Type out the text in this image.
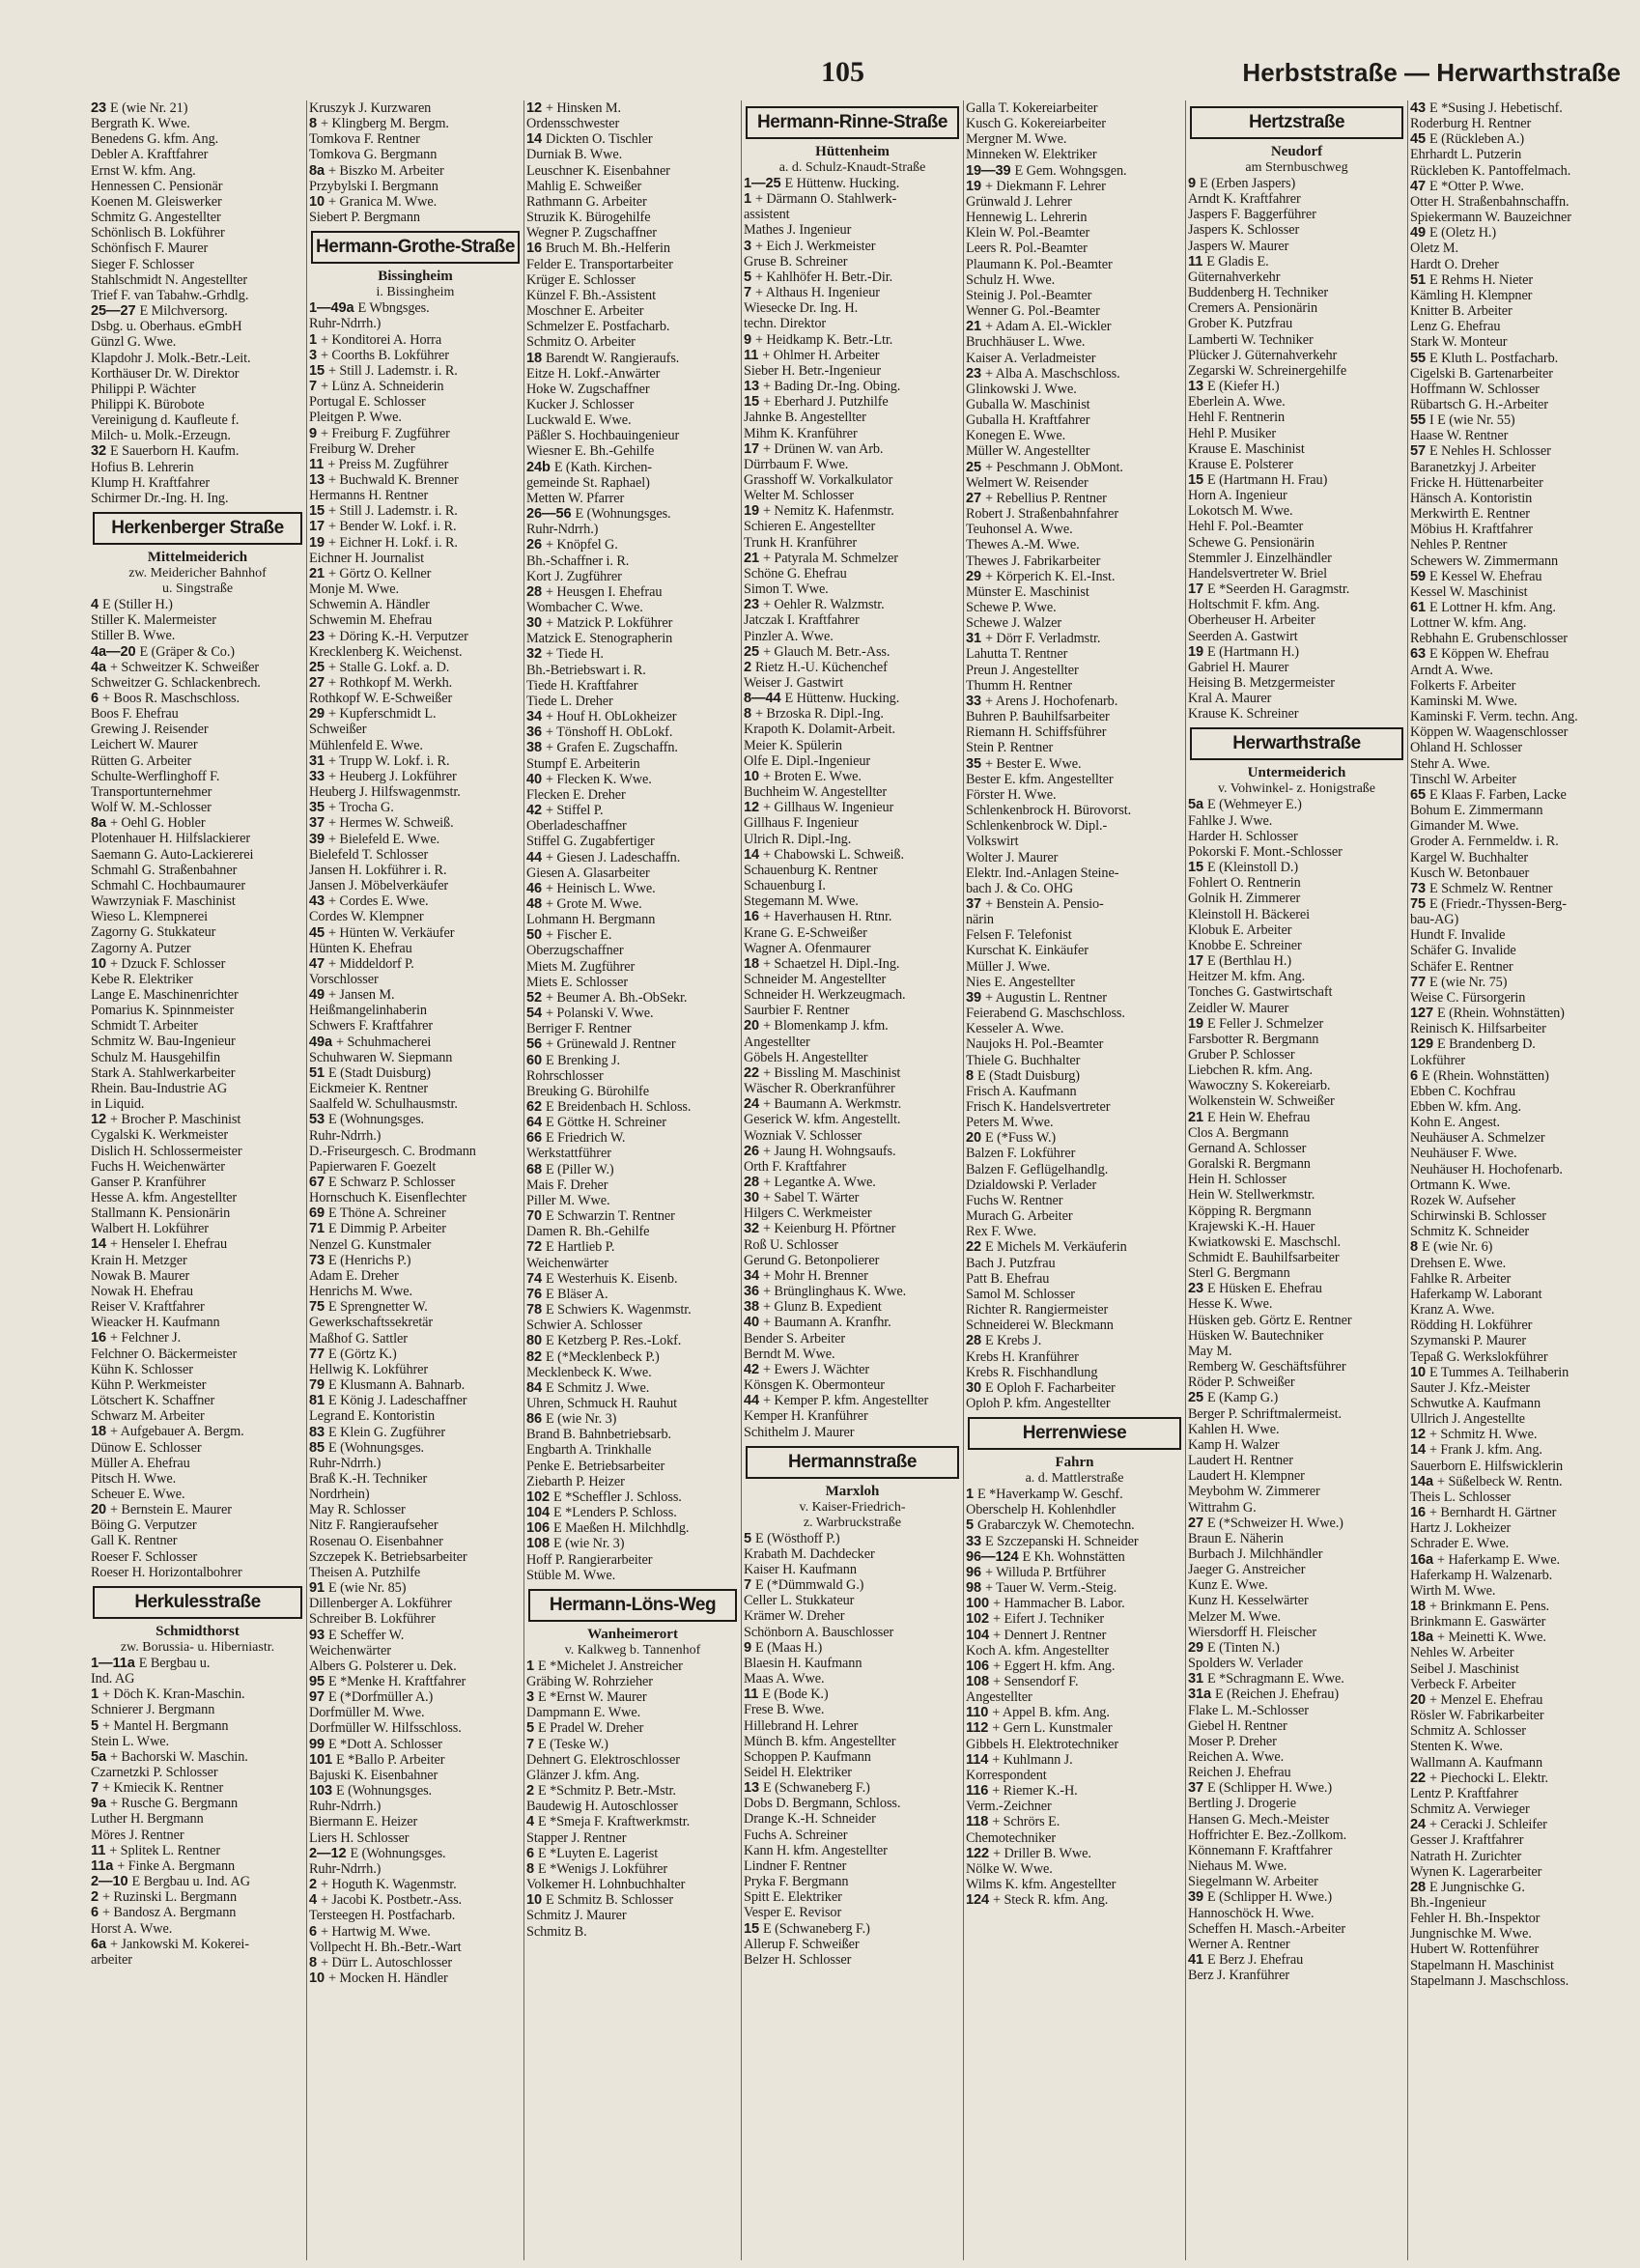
105	Herbststraße — Herwarthstraße
23 E (wie Nr. 21)
Bergrath K. Wwe.
Benedens G. kfm. Ang.
Debler A. Kraftfahrer
Ernst W. kfm. Ang.
Hennessen C. Pensionär
Koenen M. Gleiswerker
Schmitz G. Angestellter
Schönlisch B. Lokführer
Schönfisch F. Maurer
Sieger F. Schlosser
Stahlschmidt N. Angestellter
Trief F. van Tabahw.-Grhdlg.
25—27 E Milchversorg.
Dsbg. u. Oberhaus. eGmbH
Günzl G. Wwe.
Klapdohr J. Molk.-Betr.-Leit.
Korthäuser Dr. W. Direktor
Philippi P. Wächter
Philippi K. Bürobote
Vereinigung d. Kaufleute f.
Milch- u. Molk.-Erzeugn.
32 E Sauerborn H. Kaufm.
Hofius B. Lehrerin
Klump H. Kraftfahrer
Schirmer Dr.-Ing. H. Ing.
Herkenberger Straße
Mittelmeiderich
zw. Meidericher Bahnhof
u. Singstraße
4 E (Stiller H.)
Stiller K. Malermeister
Stiller B. Wwe.
4a—20 E (Gräper & Co.)
4a + Schweitzer K. Schweißer
Schweitzer G. Schlackenbrech.
6 + Boos R. Maschschloss.
Boos F. Ehefrau
Grewing J. Reisender
Leichert W. Maurer
Rütten G. Arbeiter
Schulte-Werflinghoff F.
Transportunternehmer
Wolf W. M.-Schlosser
8a + Oehl G. Hobler
Plotenhauer H. Hilfslackierer
Saemann G. Auto-Lackiererei
Schmahl G. Straßenbahner
Schmahl C. Hochbaumaurer
Wawrzyniak F. Maschinist
Wieso L. Klempnerei
Zagorny G. Stukkateur
Zagorny A. Putzer
10 + Dzuck F. Schlosser
Kebe R. Elektriker
Lange E. Maschinenrichter
Pomarius K. Spinnmeister
Schmidt T. Arbeiter
Schmitz W. Bau-Ingenieur
Schulz M. Hausgehilfin
Stark A. Stahlwerkarbeiter
Rhein. Bau-Industrie AG
in Liquid.
12 + Brocher P. Maschinist
Cygalski K. Werkmeister
Dislich H. Schlossermeister
Fuchs H. Weichenwärter
Ganser P. Kranführer
Hesse A. kfm. Angestellter
Stallmann K. Pensionärin
Walbert H. Lokführer
14 + Henseler I. Ehefrau
Krain H. Metzger
Nowak B. Maurer
Nowak H. Ehefrau
Reiser V. Kraftfahrer
Wieacker H. Kaufmann
16 + Felchner J.
Felchner O. Bäckermeister
Kühn K. Schlosser
Kühn P. Werkmeister
Lötschert K. Schaffner
Schwarz M. Arbeiter
18 + Aufgebauer A. Bergm.
Dünow E. Schlosser
Müller A. Ehefrau
Pitsch H. Wwe.
Scheuer E. Wwe.
20 + Bernstein E. Maurer
Böing G. Verputzer
Gall K. Rentner
Roeser F. Schlosser
Roeser H. Horizontalbohrer
Herkulesstraße
Schmidthorst
zw. Borussia- u. Hiberniastr.
1—11a E Bergbau u.
Ind. AG
1 + Döch K. Kran-Maschin.
Schnierer J. Bergmann
5 + Mantel H. Bergmann
Stein L. Wwe.
5a + Bachorski W. Maschin.
Czarnetzki P. Schlosser
7 + Kmiecik K. Rentner
9a + Rusche G. Bergmann
Luther H. Bergmann
Möres J. Rentner
11 + Splitek L. Rentner
11a + Finke A. Bergmann
2—10 E Bergbau u. Ind. AG
2 + Ruzinski L. Bergmann
6 + Bandosz A. Bergmann
Horst A. Wwe.
6a + Jankowski M. Kokerei-
arbeiter
Kruszyk J. Kurzwaren
8 + Klingberg M. Bergm.
Tomkova F. Rentner
Tomkova G. Bergmann
8a + Biszko M. Arbeiter
Przybylski I. Bergmann
10 + Granica M. Wwe.
Siebert P. Bergmann
Hermann-Grothe-Straße
Bissingheim
i. Bissingheim
1—49a E Wbngsges.
Ruhr-Ndrrh.)
1 + Konditorei A. Horra
3 + Coorths B. Lokführer
15 + Still J. Lademstr. i. R.
7 + Lünz A. Schneiderin
Portugal E. Schlosser
Pleitgen P. Wwe.
9 + Freiburg F. Zugführer
Freiburg W. Dreher
11 + Preiss M. Zugführer
13 + Buchwald K. Brenner
Hermanns H. Rentner
15 + Still J. Lademstr. i. R.
17 + Bender W. Lokf. i. R.
19 + Eichner H. Lokf. i. R.
Eichner H. Journalist
21 + Görtz O. Kellner
Monje M. Wwe.
Schwemin A. Händler
Schwemin M. Ehefrau
23 + Döring K.-H. Verputzer
Krecklenberg K. Weichenst.
25 + Stalle G. Lokf. a. D.
27 + Rothkopf M. Werkh.
Rothkopf W. E-Schweißer
29 + Kupferschmidt L.
Schweißer
Mühlenfeld E. Wwe.
31 + Trupp W. Lokf. i. R.
33 + Heuberg J. Lokführer
Heuberg J. Hilfswagenmstr.
35 + Trocha G.
37 + Hermes W. Schweiß.
39 + Bielefeld E. Wwe.
Bielefeld T. Schlosser
Jansen H. Lokführer i. R.
Jansen J. Möbelverkäufer
43 + Cordes E. Wwe.
Cordes W. Klempner
45 + Hünten W. Verkäufer
Hünten K. Ehefrau
47 + Middeldorf P.
Vorschlosser
49 + Jansen M.
Heißmangelinhaberin
Schwers F. Kraftfahrer
49a + Schuhmacherei
Schuhwaren W. Siepmann
51 E (Stadt Duisburg)
Eickmeier K. Rentner
Saalfeld W. Schulhausmstr.
53 E (Wohnungsges.
Ruhr-Ndrrh.)
D.-Friseurgesch. C. Brodmann
Papierwaren F. Goezelt
67 E Schwarz P. Schlosser
Hornschuch K. Eisenflechter
69 E Thöne A. Schreiner
71 E Dimmig P. Arbeiter
Nenzel G. Kunstmaler
73 E (Henrichs P.)
Adam E. Dreher
Henrichs M. Wwe.
75 E Sprengnetter W.
Gewerkschaftssekretär
Maßhof G. Sattler
77 E (Görtz K.)
Hellwig K. Lokführer
79 E Klusmann A. Bahnarb.
81 E König J. Ladeschaffner
Legrand E. Kontoristin
83 E Klein G. Zugführer
85 E (Wohnungsges.
Ruhr-Ndrrh.)
Braß K.-H. Techniker
Nordrhein)
May R. Schlosser
Nitz F. Rangieraufseher
Rosenau O. Eisenbahner
Szczepek K. Betriebsarbeiter
Theisen A. Putzhilfe
91 E (wie Nr. 85)
Dillenberger A. Lokführer
Schreiber B. Lokführer
93 E Scheffer W.
Weichenwärter
Albers G. Polsterer u. Dek.
95 E *Menke H. Kraftfahrer
97 E (*Dorfmüller A.)
Dorfmüller M. Wwe.
Dorfmüller W. Hilfsschloss.
99 E *Dott A. Schlosser
101 E *Ballo P. Arbeiter
Bajuski K. Eisenbahner
103 E (Wohnungsges.
Ruhr-Ndrrh.)
Biermann E. Heizer
Liers H. Schlosser
2—12 E (Wohnungsges.
Ruhr-Ndrrh.)
2 + Hoguth K. Wagenmstr.
4 + Jacobi K. Postbetr.-Ass.
Tersteegen H. Postfacharb.
6 + Hartwig M. Wwe.
Vollpecht H. Bh.-Betr.-Wart
8 + Dürr L. Autoschlosser
10 + Mocken H. Händler
12 + Hinsken M.
Ordensschwester
14 Dickten O. Tischler
Durniak B. Wwe.
Leuschner K. Eisenbahner
Mahlig E. Schweißer
Rathmann G. Arbeiter
Struzik K. Bürogehilfe
Wegner P. Zugschaffner
16 Bruch M. Bh.-Helferin
Felder E. Transportarbeiter
Krüger E. Schlosser
Künzel F. Bh.-Assistent
Moschner E. Arbeiter
Schmelzer E. Postfacharb.
Schmitz O. Arbeiter
18 Barendt W. Rangieraufs.
Eitze H. Lokf.-Anwärter
Hoke W. Zugschaffner
Kucker J. Schlosser
Luckwald E. Wwe.
Päßler S. Hochbauingenieur
Wiesner E. Bh.-Gehilfe
24b E (Kath. Kirchen-
gemeinde St. Raphael)
Metten W. Pfarrer
26—56 E (Wohnungsges.
Ruhr-Ndrrh.)
26 + Knöpfel G.
Bh.-Schaffner i. R.
Kort J. Zugführer
28 + Heusgen I. Ehefrau
Wombacher C. Wwe.
30 + Matzick P. Lokführer
Matzick E. Stenographerin
32 + Tiede H.
Bh.-Betriebswart i. R.
Tiede H. Kraftfahrer
Tiede L. Dreher
34 + Houf H. ObLokheizer
36 + Tönshoff H. ObLokf.
38 + Grafen E. Zugschaffn.
Stumpf E. Arbeiterin
40 + Flecken K. Wwe.
Flecken E. Dreher
42 + Stiffel P.
Oberladeschaffner
Stiffel G. Zugabfertiger
44 + Giesen J. Ladeschaffn.
Giesen A. Glasarbeiter
46 + Heinisch L. Wwe.
48 + Grote M. Wwe.
Lohmann H. Bergmann
50 + Fischer E.
Oberzugschaffner
Miets M. Zugführer
Miets E. Schlosser
52 + Beumer A. Bh.-ObSekr.
54 + Polanski V. Wwe.
Berriger F. Rentner
56 + Grünewald J. Rentner
60 E Brenking J.
Rohrschlosser
Breuking G. Bürohilfe
62 E Breidenbach H. Schloss.
64 E Göttke H. Schreiner
66 E Friedrich W.
Werkstattführer
68 E (Piller W.)
Mais F. Dreher
Piller M. Wwe.
70 E Schwarzin T. Rentner
Damen R. Bh.-Gehilfe
72 E Hartlieb P.
Weichenwärter
74 E Westerhuis K. Eisenb.
76 E Bläser A.
78 E Schwiers K. Wagenmstr.
Schwier A. Schlosser
80 E Ketzberg P. Res.-Lokf.
82 E (*Mecklenbeck P.)
Mecklenbeck K. Wwe.
84 E Schmitz J. Wwe.
Uhren, Schmuck H. Rauhut
86 E (wie Nr. 3)
Brand B. Bahnbetriebsarb.
Engbarth A. Trinkhalle
Penke E. Betriebsarbeiter
Ziebarth P. Heizer
102 E *Scheffler J. Schloss.
104 E *Lenders P. Schloss.
106 E Maeßen H. Milchhdlg.
108 E (wie Nr. 3)
Hoff P. Rangierarbeiter
Stüble M. Wwe.
Hermann-Löns-Weg
Wanheimerort
v. Kalkweg b. Tannenhof
1 E *Michelet J. Anstreicher
Gräbing W. Rohrzieher
3 E *Ernst W. Maurer
Dampmann E. Wwe.
5 E Pradel W. Dreher
7 E (Teske W.)
Dehnert G. Elektroschlosser
Glänzer J. kfm. Ang.
2 E *Schmitz P. Betr.-Mstr.
Baudewig H. Autoschlosser
4 E *Smeja F. Kraftwerkmstr.
Stapper J. Rentner
6 E *Luyten E. Lagerist
8 E *Wenigs J. Lokführer
Volkemer H. Lohnbuchhalter
10 E Schmitz B. Schlosser
Schmitz J. Maurer
Schmitz B.
Hermann-Rinne-Straße
Hüttenheim
a. d. Schulz-Knaudt-Straße
1—25 E Hüttenw. Hucking.
1 + Därmann O. Stahlwerk-
assistent
Mathes J. Ingenieur
3 + Eich J. Werkmeister
Gruse B. Schreiner
5 + Kahlhöfer H. Betr.-Dir.
7 + Althaus H. Ingenieur
Wiesecke Dr. Ing. H.
techn. Direktor
9 + Heidkamp K. Betr.-Ltr.
11 + Ohlmer H. Arbeiter
Sieber H. Betr.-Ingenieur
13 + Bading Dr.-Ing. Obing.
15 + Eberhard J. Putzhilfe
Jahnke B. Angestellter
Mihm K. Kranführer
17 + Drünen W. van Arb.
Dürrbaum F. Wwe.
Grasshoff W. Vorkalkulator
Welter M. Schlosser
19 + Nemitz K. Hafenmstr.
Schieren E. Angestellter
Trunk H. Kranführer
21 + Patyrala M. Schmelzer
Schöne G. Ehefrau
Simon T. Wwe.
23 + Oehler R. Walzmstr.
Jatczak I. Kraftfahrer
Pinzler A. Wwe.
25 + Glauch M. Betr.-Ass.
2 Rietz H.-U. Küchenchef
Weiser J. Gastwirt
8—44 E Hüttenw. Hucking.
8 + Brzoska R. Dipl.-Ing.
Krapoth K. Dolamit-Arbeit.
Meier K. Spülerin
Olfe E. Dipl.-Ingenieur
10 + Broten E. Wwe.
Buchheim W. Angestellter
12 + Gillhaus W. Ingenieur
Gillhaus F. Ingenieur
Ulrich R. Dipl.-Ing.
14 + Chabowski L. Schweiß.
Schauenburg K. Rentner
Schauenburg I.
Stegemann M. Wwe.
16 + Haverhausen H. Rtnr.
Krane G. E-Schweißer
Wagner A. Ofenmaurer
18 + Schaetzel H. Dipl.-Ing.
Schneider M. Angestellter
Schneider H. Werkzeugmach.
Saurbier F. Rentner
20 + Blomenkamp J. kfm.
Angestellter
Göbels H. Angestellter
22 + Bissling M. Maschinist
Wäscher R. Oberkranführer
24 + Baumann A. Werkmstr.
Geserick W. kfm. Angestellt.
Wozniak V. Schlosser
26 + Jaung H. Wohngsaufs.
Orth F. Kraftfahrer
28 + Legantke A. Wwe.
30 + Sabel T. Wärter
Hilgers C. Werkmeister
32 + Keienburg H. Pförtner
Roß U. Schlosser
Gerund G. Betonpolierer
34 + Mohr H. Brenner
36 + Brünglinghaus K. Wwe.
38 + Glunz B. Expedient
40 + Baumann A. Kranfhr.
Bender S. Arbeiter
Berndt M. Wwe.
42 + Ewers J. Wächter
Könsgen K. Obermonteur
44 + Kemper P. kfm. Angestellter
Kemper H. Kranführer
Schithelm J. Maurer
Hermannstraße
Marxloh
v. Kaiser-Friedrich-
z. Warbruckstraße
5 E (Wösthoff P.)
Krabath M. Dachdecker
Kaiser H. Kaufmann
7 E (*Dümmwald G.)
Celler L. Stukkateur
Krämer W. Dreher
Schönborn A. Bauschlosser
9 E (Maas H.)
Blaesin H. Kaufmann
Maas A. Wwe.
11 E (Bode K.)
Frese B. Wwe.
Hillebrand H. Lehrer
Münch B. kfm. Angestellter
Schoppen P. Kaufmann
Seidel H. Elektriker
13 E (Schwaneberg F.)
Dobs D. Bergmann, Schloss.
Drange K.-H. Schneider
Fuchs A. Schreiner
Kann H. kfm. Angestellter
Lindner F. Rentner
Pryka F. Bergmann
Spitt E. Elektriker
Vesper E. Revisor
15 E (Schwaneberg F.)
Allerup F. Schweißer
Belzer H. Schlosser
Galla T. Kokereiarbeiter
Kusch G. Kokereiarbeiter
Mergner M. Wwe.
Minneken W. Elektriker
19—39 E Gem. Wohngsgen.
19 + Diekmann F. Lehrer
Grünwald J. Lehrer
Hennewig L. Lehrerin
Klein W. Pol.-Beamter
Leers R. Pol.-Beamter
Plaumann K. Pol.-Beamter
Schulz H. Wwe.
Steinig J. Pol.-Beamter
Wenner G. Pol.-Beamter
21 + Adam A. El.-Wickler
Bruchhäuser L. Wwe.
Kaiser A. Verladmeister
23 + Alba A. Maschschloss.
Glinkowski J. Wwe.
Guballa W. Maschinist
Guballa H. Kraftfahrer
Konegen E. Wwe.
Müller W. Angestellter
25 + Peschmann J. ObMont.
Welmert W. Reisender
27 + Rebellius P. Rentner
Robert J. Straßenbahnfahrer
Teuhonsel A. Wwe.
Thewes A.-M. Wwe.
Thewes J. Fabrikarbeiter
29 + Körperich K. El.-Inst.
Münster E. Maschinist
Schewe P. Wwe.
Schewe J. Walzer
31 + Dörr F. Verladmstr.
Lahutta T. Rentner
Preun J. Angestellter
Thumm H. Rentner
33 + Arens J. Hochofenarb.
Buhren P. Bauhilfsarbeiter
Riemann H. Schiffsführer
Stein P. Rentner
35 + Bester E. Wwe.
Bester E. kfm. Angestellter
Förster H. Wwe.
Schlenkenbrock H. Bürovorst.
Schlenkenbrock W. Dipl.-
Volkswirt
Wolter J. Maurer
Elektr. Ind.-Anlagen Steine-
bach J. & Co. OHG
37 + Benstein A. Pensio-
närin
Felsen F. Telefonist
Kurschat K. Einkäufer
Müller J. Wwe.
Nies E. Angestellter
39 + Augustin L. Rentner
Feierabend G. Maschschloss.
Kesseler A. Wwe.
Naujoks H. Pol.-Beamter
Thiele G. Buchhalter
8 E (Stadt Duisburg)
Frisch A. Kaufmann
Frisch K. Handelsvertreter
Peters M. Wwe.
20 E (*Fuss W.)
Balzen F. Lokführer
Balzen F. Geflügelhandlg.
Dzialdowski P. Verlader
Fuchs W. Rentner
Murach G. Arbeiter
Rex F. Wwe.
22 E Michels M. Verkäuferin
Bach J. Putzfrau
Patt B. Ehefrau
Samol M. Schlosser
Richter R. Rangiermeister
Schneiderei W. Bleckmann
28 E Krebs J.
Krebs H. Kranführer
Krebs R. Fischhandlung
30 E Oploh F. Facharbeiter
Oploh P. kfm. Angestellter
Herrenwiese
Fahrn
a. d. Mattlerstraße
1 E *Haverkamp W. Geschf.
Oberschelp H. Kohlenhdler
5 Grabarczyk W. Chemotechn.
33 E Szczepanski H. Schneider
96—124 E Kh. Wohnstätten
96 + Willuda P. Brtführer
98 + Tauer W. Verm.-Steig.
100 + Hammacher B. Labor.
102 + Eifert J. Techniker
104 + Dennert J. Rentner
Koch A. kfm. Angestellter
106 + Eggert H. kfm. Ang.
108 + Sensendorf F.
Angestellter
110 + Appel B. kfm. Ang.
112 + Gern L. Kunstmaler
Gibbels H. Elektrotechniker
114 + Kuhlmann J.
Korrespondent
116 + Riemer K.-H.
Verm.-Zeichner
118 + Schrörs E.
Chemotechniker
122 + Driller B. Wwe.
Nölke W. Wwe.
Wilms K. kfm. Angestellter
124 + Steck R. kfm. Ang.
Hertzstraße
Neudorf
am Sternbuschweg
9 E (Erben Jaspers)
Arndt K. Kraftfahrer
Jaspers F. Baggerführer
Jaspers K. Schlosser
Jaspers W. Maurer
11 E Gladis E.
Güternahverkehr
Buddenberg H. Techniker
Cremers A. Pensionärin
Grober K. Putzfrau
Lamberti W. Techniker
Plücker J. Güternahverkehr
Zegarski W. Schreinergehilfe
13 E (Kiefer H.)
Eberlein A. Wwe.
Hehl F. Rentnerin
Hehl P. Musiker
Krause E. Maschinist
Krause E. Polsterer
15 E (Hartmann H. Frau)
Horn A. Ingenieur
Lokotsch M. Wwe.
Hehl F. Pol.-Beamter
Schewe G. Pensionärin
Stemmler J. Einzelhändler
Handelsvertreter W. Briel
17 E *Seerden H. Garagmstr.
Holtschmit F. kfm. Ang.
Oberheuser H. Arbeiter
Seerden A. Gastwirt
19 E (Hartmann H.)
Gabriel H. Maurer
Heising B. Metzgermeister
Kral A. Maurer
Krause K. Schreiner
Herwarthstraße
Untermeiderich
v. Vohwinkel- z. Honigstraße
5a E (Wehmeyer E.)
Fahlke J. Wwe.
Harder H. Schlosser
Pokorski F. Mont.-Schlosser
15 E (Kleinstoll D.)
Fohlert O. Rentnerin
Golnik H. Zimmerer
Kleinstoll H. Bäckerei
Klobuk E. Arbeiter
Knobbe E. Schreiner
17 E (Berthlau H.)
Heitzer M. kfm. Ang.
Tonches G. Gastwirtschaft
Zeidler W. Maurer
19 E Feller J. Schmelzer
Farsbotter R. Bergmann
Gruber P. Schlosser
Liebchen R. kfm. Ang.
Wawoczny S. Kokereiarb.
Wolkenstein W. Schweißer
21 E Hein W. Ehefrau
Clos A. Bergmann
Gernand A. Schlosser
Goralski R. Bergmann
Hein H. Schlosser
Hein W. Stellwerkmstr.
Köpping R. Bergmann
Krajewski K.-H. Hauer
Kwiatkowski E. Maschschl.
Schmidt E. Bauhilfsarbeiter
Sterl G. Bergmann
23 E Hüsken E. Ehefrau
Hesse K. Wwe.
Hüsken geb. Görtz E. Rentner
Hüsken W. Bautechniker
May M.
Remberg W. Geschäftsführer
Röder P. Schweißer
25 E (Kamp G.)
Berger P. Schriftmalermeist.
Kahlen H. Wwe.
Kamp H. Walzer
Laudert H. Rentner
Laudert H. Klempner
Meybohm W. Zimmerer
Wittrahm G.
27 E (*Schweizer H. Wwe.)
Braun E. Näherin
Burbach J. Milchhändler
Jaeger G. Anstreicher
Kunz E. Wwe.
Kunz H. Kesselwärter
Melzer M. Wwe.
Wiersdorff H. Fleischer
29 E (Tinten N.)
Spolders W. Verlader
31 E *Schragmann E. Wwe.
31a E (Reichen J. Ehefrau)
Flake L. M.-Schlosser
Giebel H. Rentner
Moser P. Dreher
Reichen A. Wwe.
Reichen J. Ehefrau
37 E (Schlipper H. Wwe.)
Bertling J. Drogerie
Hansen G. Mech.-Meister
Hoffrichter E. Bez.-Zollkom.
Könnemann F. Kraftfahrer
Niehaus M. Wwe.
Siegelmann W. Arbeiter
39 E (Schlipper H. Wwe.)
Hannoschöck H. Wwe.
Scheffen H. Masch.-Arbeiter
Werner A. Rentner
41 E Berz J. Ehefrau
Berz J. Kranführer
43 E *Susing J. Hebetischf.
Roderburg H. Rentner
45 E (Rückleben A.)
Ehrhardt L. Putzerin
Rückleben K. Pantoffelmach.
47 E *Otter P. Wwe.
Otter H. Straßenbahnschaffn.
Spiekermann W. Bauzeichner
49 E (Oletz H.)
Oletz M.
Hardt O. Dreher
51 E Rehms H. Nieter
Kämling H. Klempner
Knitter B. Arbeiter
Lenz G. Ehefrau
Stark W. Monteur
55 E Kluth L. Postfacharb.
Cigelski B. Gartenarbeiter
Hoffmann W. Schlosser
Rübartsch G. H.-Arbeiter
55 I E (wie Nr. 55)
Haase W. Rentner
57 E Nehles H. Schlosser
Baranetzkyj J. Arbeiter
Fricke H. Hüttenarbeiter
Hänsch A. Kontoristin
Merkwirth E. Rentner
Möbius H. Kraftfahrer
Nehles P. Rentner
Schewers W. Zimmermann
59 E Kessel W. Ehefrau
Kessel W. Maschinist
61 E Lottner H. kfm. Ang.
Lottner W. kfm. Ang.
Rebhahn E. Grubenschlosser
63 E Köppen W. Ehefrau
Arndt A. Wwe.
Folkerts F. Arbeiter
Kaminski M. Wwe.
Kaminski F. Verm. techn. Ang.
Köppen W. Waagenschlosser
Ohland H. Schlosser
Stehr A. Wwe.
Tinschl W. Arbeiter
65 E Klaas F. Farben, Lacke
Bohum E. Zimmermann
Gimander M. Wwe.
Groder A. Fernmeldw. i. R.
Kargel W. Buchhalter
Kusch W. Betonbauer
73 E Schmelz W. Rentner
75 E (Friedr.-Thyssen-Berg-
bau-AG)
Hundt F. Invalide
Schäfer G. Invalide
Schäfer E. Rentner
77 E (wie Nr. 75)
Weise C. Fürsorgerin
127 E (Rhein. Wohnstätten)
Reinisch K. Hilfsarbeiter
129 E Brandenberg D.
Lokführer
6 E (Rhein. Wohnstätten)
Ebben C. Kochfrau
Ebben W. kfm. Ang.
Kohn E. Angest.
Neuhäuser A. Schmelzer
Neuhäuser F. Wwe.
Neuhäuser H. Hochofenarb.
Ortmann K. Wwe.
Rozek W. Aufseher
Schirwinski B. Schlosser
Schmitz K. Schneider
8 E (wie Nr. 6)
Drehsen E. Wwe.
Fahlke R. Arbeiter
Haferkamp W. Laborant
Kranz A. Wwe.
Rödding H. Lokführer
Szymanski P. Maurer
Tepaß G. Werkslokführer
10 E Tummes A. Teilhaberin
Sauter J. Kfz.-Meister
Schwutke A. Kaufmann
Ullrich J. Angestellte
12 + Schmitz H. Wwe.
14 + Frank J. kfm. Ang.
Sauerborn E. Hilfswicklerin
14a + Süßelbeck W. Rentn.
Theis L. Schlosser
16 + Bernhardt H. Gärtner
Hartz J. Lokheizer
Schrader E. Wwe.
16a + Haferkamp E. Wwe.
Haferkamp H. Walzenarb.
Wirth M. Wwe.
18 + Brinkmann E. Pens.
Brinkmann E. Gaswärter
18a + Meinetti K. Wwe.
Nehles W. Arbeiter
Seibel J. Maschinist
Verbeck F. Arbeiter
20 + Menzel E. Ehefrau
Rösler W. Fabrikarbeiter
Schmitz A. Schlosser
Stenten K. Wwe.
Wallmann A. Kaufmann
22 + Piechocki L. Elektr.
Lentz P. Kraftfahrer
Schmitz A. Verwieger
24 + Ceracki J. Schleifer
Gesser J. Kraftfahrer
Natrath H. Zurichter
Wynen K. Lagerarbeiter
28 E Jungnischke G.
Bh.-Ingenieur
Fehler H. Bh.-Inspektor
Jungnischke M. Wwe.
Hubert W. Rottenführer
Stapelmann H. Maschinist
Stapelmann J. Maschschloss.
